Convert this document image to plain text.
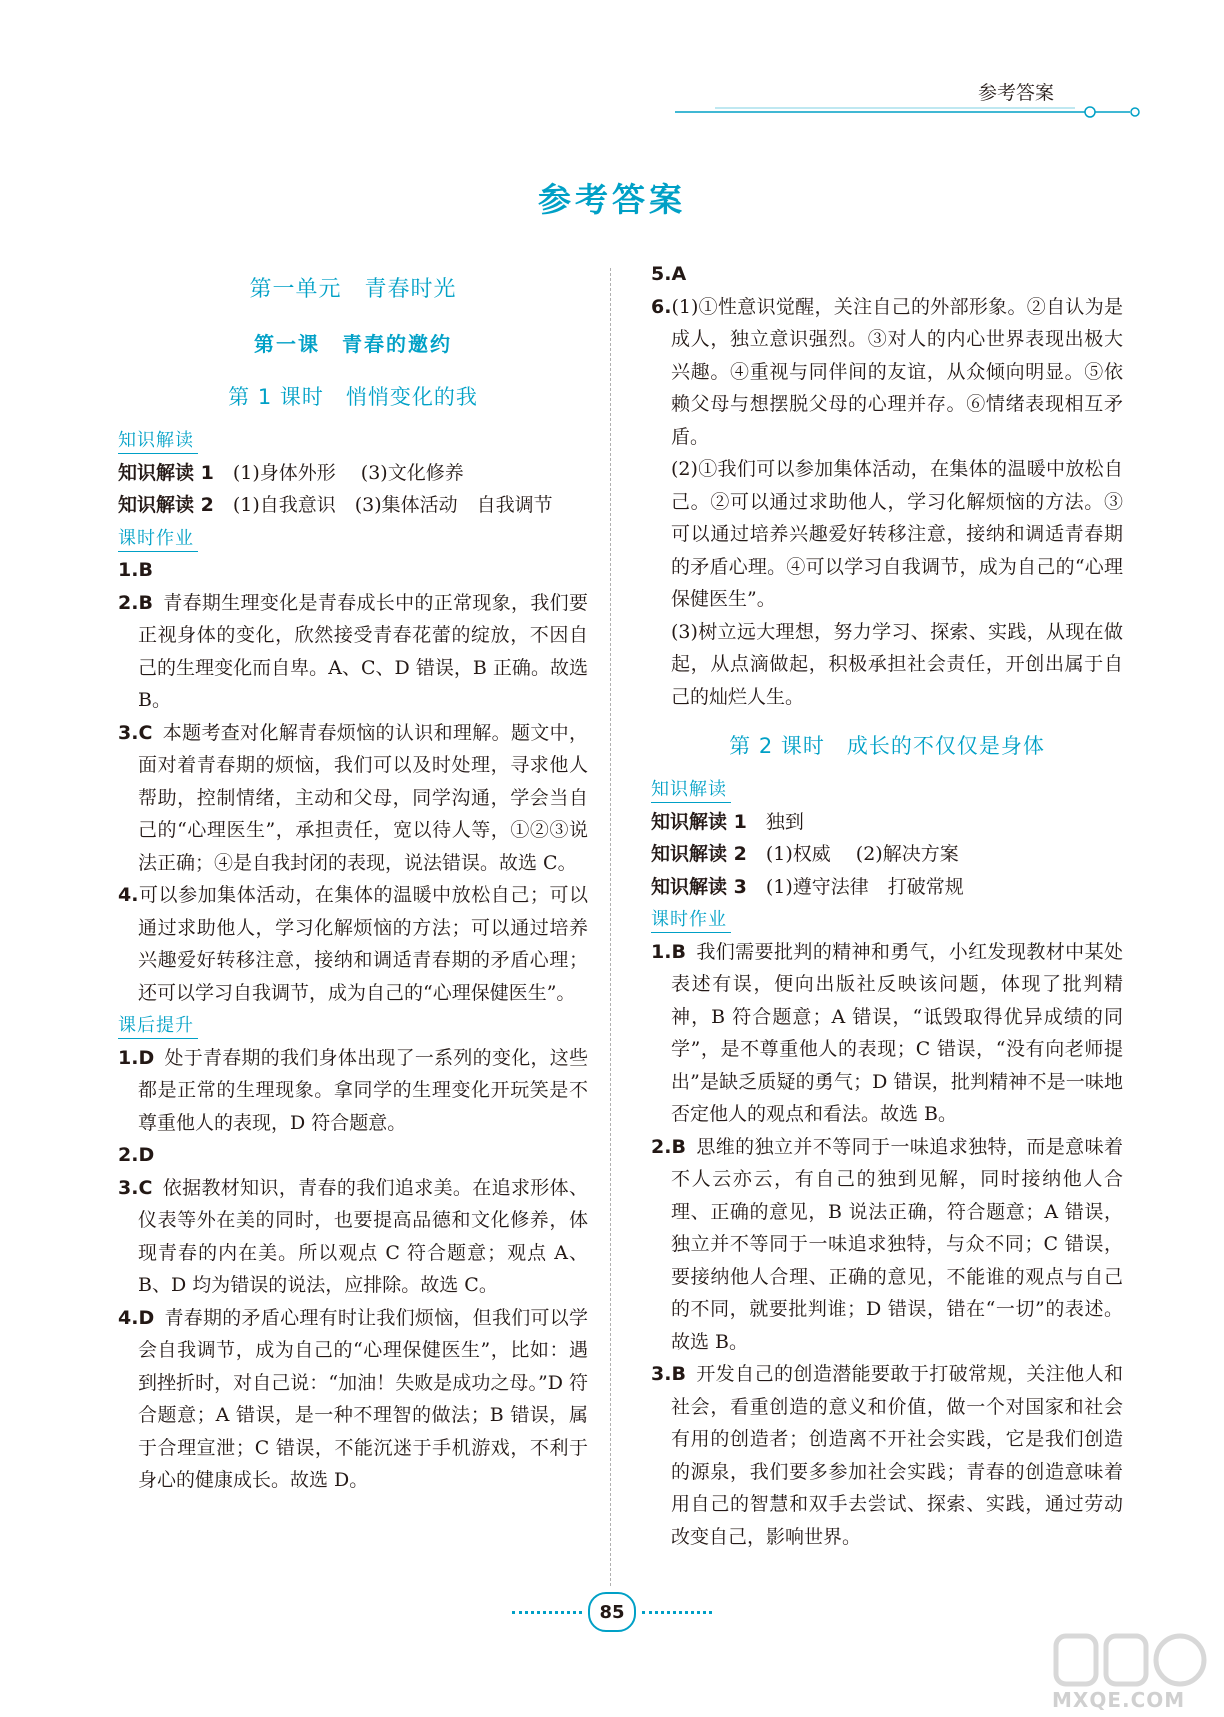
参考答案
参考答案
第一单元　青春时光
第一课　青春的邀约
第 1 课时　悄悄变化的我
知识解读

知识解读 1　(1)身体外形　 (3)文化修养

知识解读 2　(1)自我意识　(3)集体活动　自我调节

课时作业

1.B

2.B 青春期生理变化是青春成长中的正常现象，我们要正视身体的变化，欣然接受青春花蕾的绽放，不因自己的生理变化而自卑。A、C、D 错误，B 正确。故选 B。

3.C 本题考查对化解青春烦恼的认识和理解。题文中，面对着青春期的烦恼，我们可以及时处理，寻求他人帮助，控制情绪，主动和父母，同学沟通，学会当自己的“心理医生”，承担责任，宽以待人等，①②③说法正确；④是自我封闭的表现，说法错误。故选 C。

4.可以参加集体活动，在集体的温暖中放松自己；可以通过求助他人，学习化解烦恼的方法；可以通过培养兴趣爱好转移注意，接纳和调适青春期的矛盾心理；还可以学习自我调节，成为自己的“心理保健医生”。

课后提升

1.D 处于青春期的我们身体出现了一系列的变化，这些都是正常的生理现象。拿同学的生理变化开玩笑是不尊重他人的表现，D 符合题意。

2.D

3.C 依据教材知识，青春的我们追求美。在追求形体、仪表等外在美的同时，也要提高品德和文化修养，体现青春的内在美。所以观点 C 符合题意；观点 A、B、D 均为错误的说法，应排除。故选 C。

4.D 青春期的矛盾心理有时让我们烦恼，但我们可以学会自我调节，成为自己的“心理保健医生”，比如：遇到挫折时，对自己说：“加油！失败是成功之母。”D 符合题意；A 错误，是一种不理智的做法；B 错误，属于合理宣泄；C 错误，不能沉迷于手机游戏，不利于身心的健康成长。故选 D。

5.A

6.(1)①性意识觉醒，关注自己的外部形象。②自认为是成人，独立意识强烈。③对人的内心世界表现出极大兴趣。④重视与同伴间的友谊，从众倾向明显。⑤依赖父母与想摆脱父母的心理并存。⑥情绪表现相互矛盾。

(2)①我们可以参加集体活动，在集体的温暖中放松自己。②可以通过求助他人，学习化解烦恼的方法。③可以通过培养兴趣爱好转移注意，接纳和调适青春期的矛盾心理。④可以学习自我调节，成为自己的“心理保健医生”。

(3)树立远大理想，努力学习、探索、实践，从现在做起，从点滴做起，积极承担社会责任，开创出属于自己的灿烂人生。

第 2 课时　成长的不仅仅是身体
知识解读

知识解读 1　独到

知识解读 2　(1)权威　 (2)解决方案

知识解读 3　(1)遵守法律　打破常规

课时作业

1.B 我们需要批判的精神和勇气，小红发现教材中某处表述有误，便向出版社反映该问题，体现了批判精神，B 符合题意；A 错误，“诋毁取得优异成绩的同学”，是不尊重他人的表现；C 错误，“没有向老师提出”是缺乏质疑的勇气；D 错误，批判精神不是一味地否定他人的观点和看法。故选 B。

2.B 思维的独立并不等同于一味追求独特，而是意味着不人云亦云，有自己的独到见解，同时接纳他人合理、正确的意见，B 说法正确，符合题意；A 错误，独立并不等同于一味追求独特，与众不同；C 错误，要接纳他人合理、正确的意见，不能谁的观点与自己的不同，就要批判谁；D 错误，错在“一切”的表述。故选 B。

3.B 开发自己的创造潜能要敢于打破常规，关注他人和社会，看重创造的意义和价值，做一个对国家和社会有用的创造者；创造离不开社会实践，它是我们创造的源泉，我们要多参加社会实践；青春的创造意味着用自己的智慧和双手去尝试、探索、实践，通过劳动改变自己，影响世界。

85
MXQE.COM
